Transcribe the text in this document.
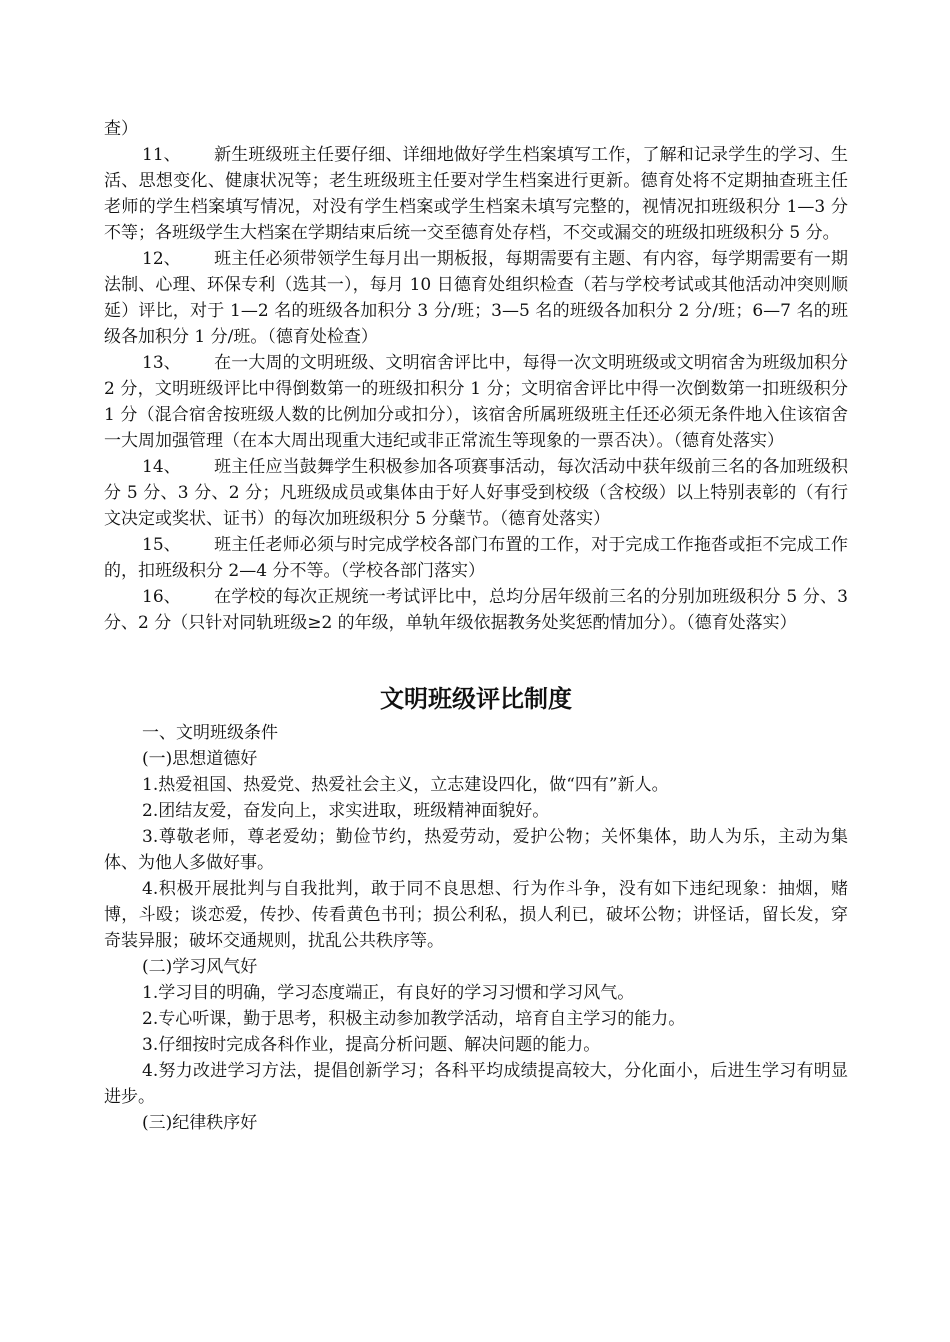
查）

11、 新生班级班主任要仔细、详细地做好学生档案填写工作，了解和记录学生的学习、生活、思想变化、健康状况等；老生班级班主任要对学生档案进行更新。德育处将不定期抽查班主任老师的学生档案填写情况，对没有学生档案或学生档案未填写完整的，视情况扣班级积分 1—3 分不等；各班级学生大档案在学期结束后统一交至德育处存档，不交或漏交的班级扣班级积分 5 分。

12、 班主任必须带领学生每月出一期板报，每期需要有主题、有内容，每学期需要有一期法制、心理、环保专利（选其一），每月 10 日德育处组织检查（若与学校考试或其他活动冲突则顺延）评比，对于 1—2 名的班级各加积分 3 分/班；3—5 名的班级各加积分 2 分/班；6—7 名的班级各加积分 1 分/班。（德育处检查）

13、 在一大周的文明班级、文明宿舍评比中，每得一次文明班级或文明宿舍为班级加积分 2 分，文明班级评比中得倒数第一的班级扣积分 1 分；文明宿舍评比中得一次倒数第一扣班级积分 1 分（混合宿舍按班级人数的比例加分或扣分），该宿舍所属班级班主任还必须无条件地入住该宿舍一大周加强管理（在本大周出现重大违纪或非正常流生等现象的一票否决）。（德育处落实）

14、 班主任应当鼓舞学生积极参加各项赛事活动，每次活动中获年级前三名的各加班级积分 5 分、3 分、2 分；凡班级成员或集体由于好人好事受到校级（含校级）以上特别表彰的（有行文决定或奖状、证书）的每次加班级积分 5 分蘖节。（德育处落实）

15、 班主任老师必须与时完成学校各部门布置的工作，对于完成工作拖沓或拒不完成工作的，扣班级积分 2—4 分不等。（学校各部门落实）

16、 在学校的每次正规统一考试评比中，总均分居年级前三名的分别加班级积分 5 分、3 分、2 分（只针对同轨班级≥2 的年级，单轨年级依据教务处奖惩酌情加分）。（德育处落实）

文明班级评比制度

一、文明班级条件

(一)思想道德好

1.热爱祖国、热爱党、热爱社会主义，立志建设四化，做“四有”新人。

2.团结友爱，奋发向上，求实进取，班级精神面貌好。

3.尊敬老师，尊老爱幼；勤俭节约，热爱劳动，爱护公物；关怀集体，助人为乐，主动为集体、为他人多做好事。

4.积极开展批判与自我批判，敢于同不良思想、行为作斗争，没有如下违纪现象：抽烟，赌博，斗殴；谈恋爱，传抄、传看黄色书刊；损公利私，损人利已，破坏公物；讲怪话，留长发，穿奇装异服；破坏交通规则，扰乱公共秩序等。

(二)学习风气好

1.学习目的明确，学习态度端正，有良好的学习习惯和学习风气。

2.专心听课，勤于思考，积极主动参加教学活动，培育自主学习的能力。

3.仔细按时完成各科作业，提高分析问题、解决问题的能力。

4.努力改进学习方法，提倡创新学习；各科平均成绩提高较大，分化面小，后进生学习有明显进步。

(三)纪律秩序好
